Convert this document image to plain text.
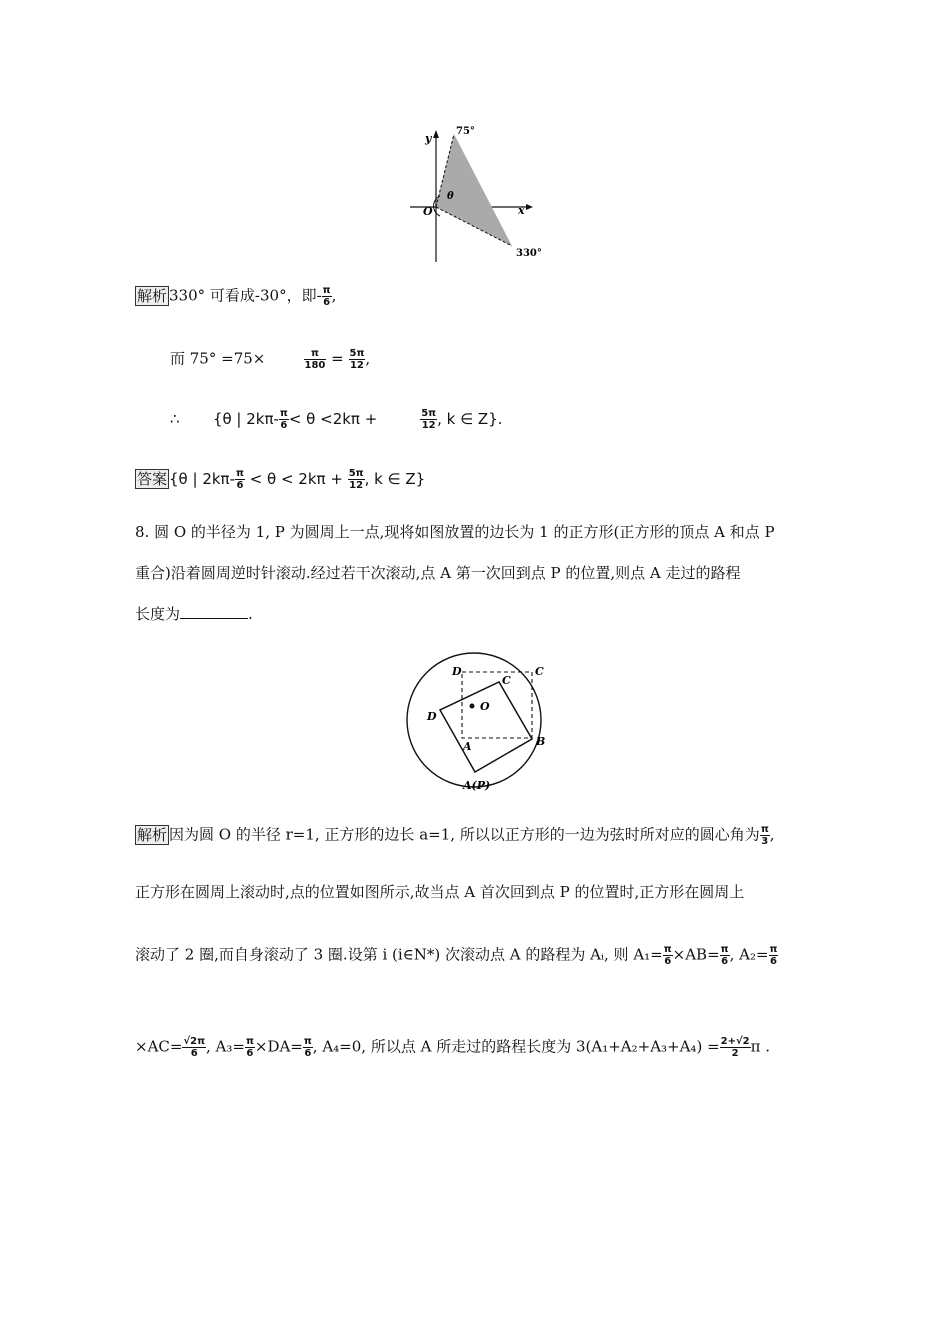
y
x
O
θ
75°
330°
解析 330° 可看成-30°，即- $\frac{\pi}{6}$ ,
而 75° =75×	$\frac{\pi}{180} = \frac{5\pi}{12}$ ,
∴ {θ | $2k\pi- \frac{\pi}{6} < \theta <2k\pi$ +	$\frac{5\pi}{12}$ , k ∈ Z}.
答案 {θ | $2k\pi- \frac{\pi}{6} < \theta < 2k\pi + \frac{5\pi}{12}$ , k ∈ Z}
8. 圆 O 的半径为 1, P 为圆周上一点,现将如图放置的边长为 1 的正方形(正方形的顶点 A 和点 P
重合)沿着圆周逆时针滚动.经过若干次滚动,点 A 第一次回到点 P 的位置,则点 A 走过的路程
长度为	.
D	C
C
D
O
A	B
A(P)
解析 因为圆 O 的半径 r=1, 正方形的边长 a=1, 所以以正方形的一边为弦时所对应的圆心角为 $\frac{\pi}{3}$ ,
正方形在圆周上滚动时,点的位置如图所示,故当点 A 首次回到点 P 的位置时,正方形在圆周上
滚动了 2 圈,而自身滚动了 3 圈.设第 i (i∈N*) 次滚动点 A 的路程为 Aᵢ, 则 $A_1= \frac{\pi}{6} \times AB= \frac{\pi}{6}$ , $A_2= \frac{\pi}{6}$
$\times AC= \frac{√2\pi}{6}$ , $A_3= \frac{\pi}{6} \times DA= \frac{\pi}{6}$ , A₄=0, 所以点 A 所走过的路程长度为 $3(A_1+A_2+A_3+A_4) = \frac{2+√2}{2}$ π .
